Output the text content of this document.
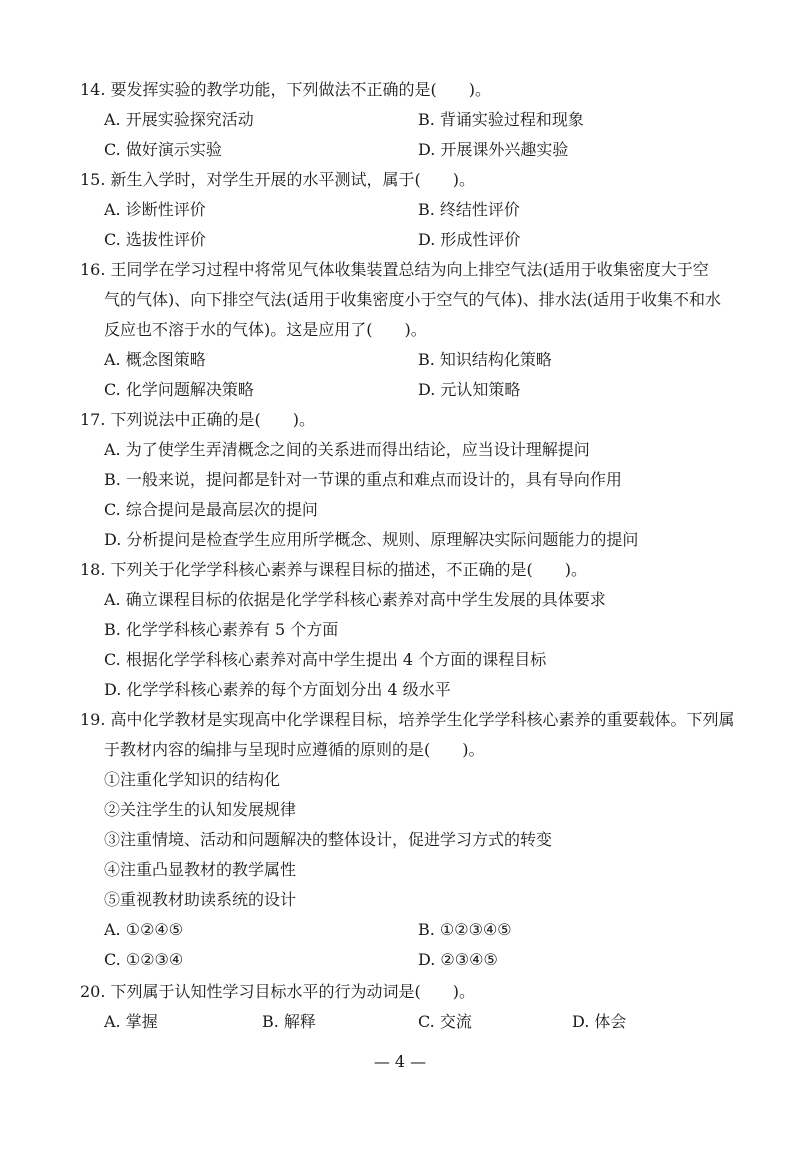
14. 要发挥实验的教学功能，下列做法不正确的是(　　)。
A. 开展实验探究活动	B. 背诵实验过程和现象
C. 做好演示实验	D. 开展课外兴趣实验
15. 新生入学时，对学生开展的水平测试，属于(　　)。
A. 诊断性评价	B. 终结性评价
C. 选拔性评价	D. 形成性评价
16. 王同学在学习过程中将常见气体收集装置总结为向上排空气法(适用于收集密度大于空
气的气体)、向下排空气法(适用于收集密度小于空气的气体)、排水法(适用于收集不和水
反应也不溶于水的气体)。这是应用了(　　)。
A. 概念图策略	B. 知识结构化策略
C. 化学问题解决策略	D. 元认知策略
17. 下列说法中正确的是(　　)。
A. 为了使学生弄清概念之间的关系进而得出结论，应当设计理解提问
B. 一般来说，提问都是针对一节课的重点和难点而设计的，具有导向作用
C. 综合提问是最高层次的提问
D. 分析提问是检查学生应用所学概念、规则、原理解决实际问题能力的提问
18. 下列关于化学学科核心素养与课程目标的描述，不正确的是(　　)。
A. 确立课程目标的依据是化学学科核心素养对高中学生发展的具体要求
B. 化学学科核心素养有 5 个方面
C. 根据化学学科核心素养对高中学生提出 4 个方面的课程目标
D. 化学学科核心素养的每个方面划分出 4 级水平
19. 高中化学教材是实现高中化学课程目标，培养学生化学学科核心素养的重要载体。下列属
于教材内容的编排与呈现时应遵循的原则的是(　　)。
①注重化学知识的结构化
②关注学生的认知发展规律
③注重情境、活动和问题解决的整体设计，促进学习方式的转变
④注重凸显教材的教学属性
⑤重视教材助读系统的设计
A. ①②④⑤	B. ①②③④⑤
C. ①②③④	D. ②③④⑤
20. 下列属于认知性学习目标水平的行为动词是(　　)。
A. 掌握	B. 解释	C. 交流	D. 体会
— 4 —
